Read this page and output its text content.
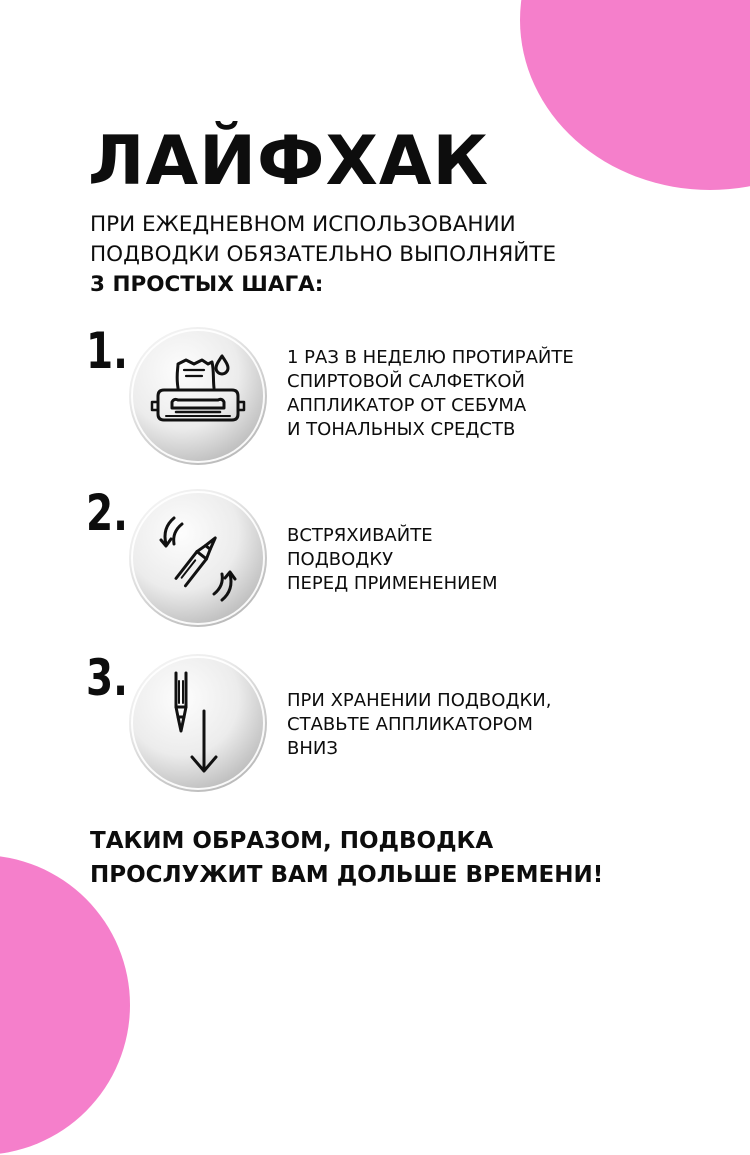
ЛАЙФХАК

ПРИ ЕЖЕДНЕВНОМ ИСПОЛЬЗОВАНИИ
ПОДВОДКИ ОБЯЗАТЕЛЬНО ВЫПОЛНЯЙТЕ
3 ПРОСТЫХ ШАГА:

1.	1 РАЗ В НЕДЕЛЮ ПРОТИРАЙТЕ
СПИРТОВОЙ САЛФЕТКОЙ
АППЛИКАТОР ОТ СЕБУМА
И ТОНАЛЬНЫХ СРЕДСТВ
2.	ВСТРЯХИВАЙТЕ
ПОДВОДКУ
ПЕРЕД ПРИМЕНЕНИЕМ
3.	ПРИ ХРАНЕНИИ ПОДВОДКИ,
СТАВЬТЕ АППЛИКАТОРОМ
ВНИЗ

ТАКИМ ОБРАЗОМ, ПОДВОДКА
ПРОСЛУЖИТ ВАМ ДОЛЬШЕ ВРЕМЕНИ!
